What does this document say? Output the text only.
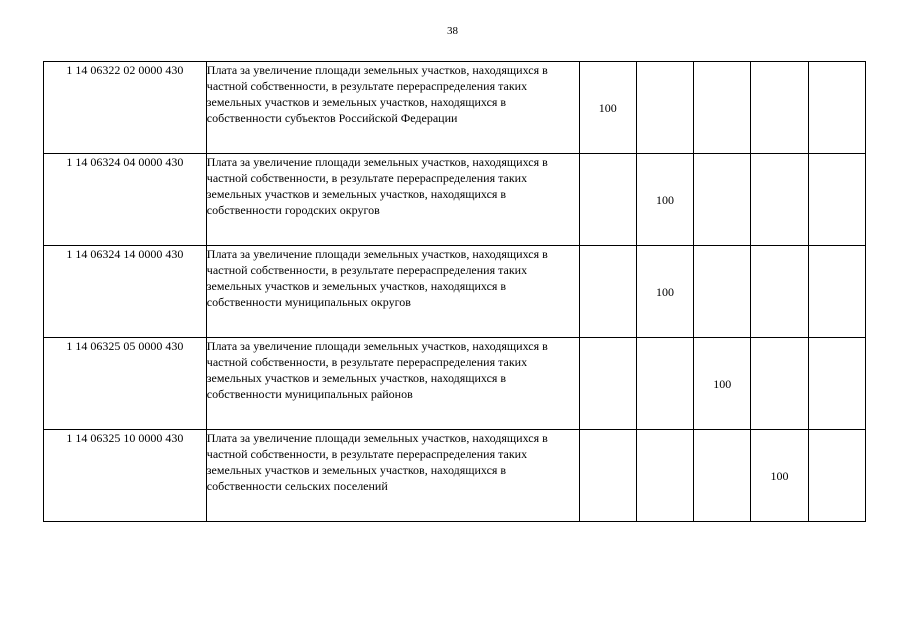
38
1 14 06322 02 0000 430	Плата за увеличение площади земельных участков, находящихся в частной собственности, в результате перераспределения таких земельных участков и земельных участков, находящихся в собственности субъектов Российской Федерации	100				
1 14 06324 04 0000 430	Плата за увеличение площади земельных участков, находящихся в частной собственности, в результате перераспределения таких земельных участков и земельных участков, находящихся в собственности городских округов		100			
1 14 06324 14 0000 430	Плата за увеличение площади земельных участков, находящихся в частной собственности, в результате перераспределения таких земельных участков и земельных участков, находящихся в собственности муниципальных округов		100			
1 14 06325 05 0000 430	Плата за увеличение площади земельных участков, находящихся в частной собственности, в результате перераспределения таких земельных участков и земельных участков, находящихся в собственности муниципальных районов			100		
1 14 06325 10 0000 430	Плата за увеличение площади земельных участков, находящихся в частной собственности, в результате перераспределения таких земельных участков и земельных участков, находящихся в собственности сельских поселений				100	
